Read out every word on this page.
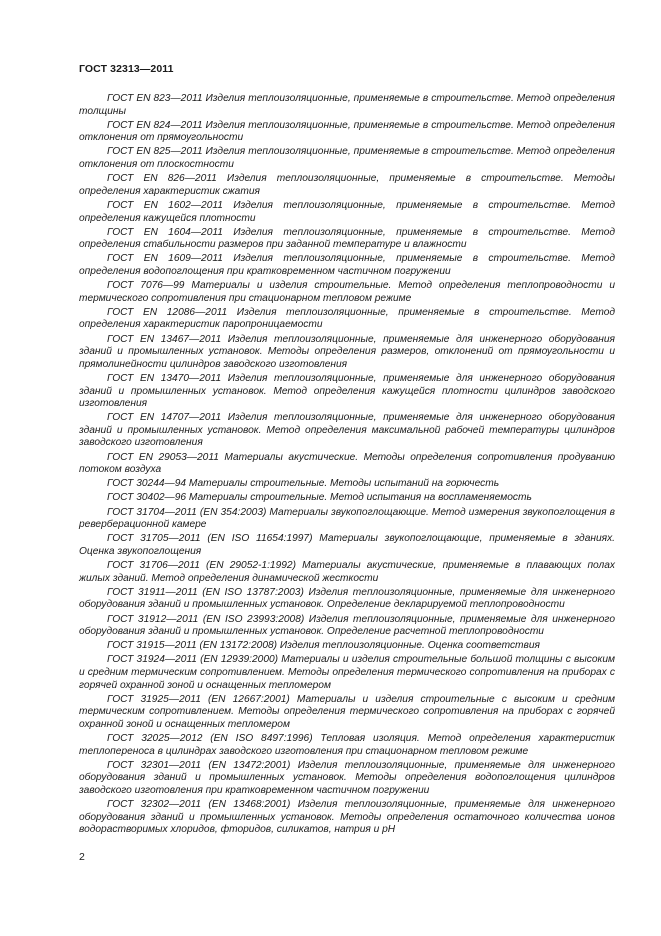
ГОСТ 32313—2011
ГОСТ EN 823—2011 Изделия теплоизоляционные, применяемые в строительстве. Метод определения толщины
ГОСТ EN 824—2011 Изделия теплоизоляционные, применяемые в строительстве. Метод определения отклонения от прямоугольности
ГОСТ EN 825—2011 Изделия теплоизоляционные, применяемые в строительстве. Метод определения отклонения от плоскостности
ГОСТ EN 826—2011 Изделия теплоизоляционные, применяемые в строительстве. Методы определения характеристик сжатия
ГОСТ EN 1602—2011 Изделия теплоизоляционные, применяемые в строительстве. Метод определения кажущейся плотности
ГОСТ EN 1604—2011 Изделия теплоизоляционные, применяемые в строительстве. Метод определения стабильности размеров при заданной температуре и влажности
ГОСТ EN 1609—2011 Изделия теплоизоляционные, применяемые в строительстве. Метод определения водопоглощения при кратковременном частичном погружении
ГОСТ 7076—99 Материалы и изделия строительные. Метод определения теплопроводности и термического сопротивления при стационарном тепловом режиме
ГОСТ EN 12086—2011 Изделия теплоизоляционные, применяемые в строительстве. Метод определения характеристик паропроницаемости
ГОСТ EN 13467—2011 Изделия теплоизоляционные, применяемые для инженерного оборудования зданий и промышленных установок. Методы определения размеров, отклонений от прямоугольности и прямолинейности цилиндров заводского изготовления
ГОСТ EN 13470—2011 Изделия теплоизоляционные, применяемые для инженерного оборудования зданий и промышленных установок. Метод определения кажущейся плотности цилиндров заводского изготовления
ГОСТ EN 14707—2011 Изделия теплоизоляционные, применяемые для инженерного оборудования зданий и промышленных установок. Метод определения максимальной рабочей температуры цилиндров заводского изготовления
ГОСТ EN 29053—2011 Материалы акустические. Методы определения сопротивления продуванию потоком воздуха
ГОСТ 30244—94 Материалы строительные. Методы испытаний на горючесть
ГОСТ 30402—96 Материалы строительные. Метод испытания на воспламеняемость
ГОСТ 31704—2011 (EN 354:2003) Материалы звукопоглощающие. Метод измерения звукопоглощения в реверберационной камере
ГОСТ 31705—2011 (EN ISO 11654:1997) Материалы звукопоглощающие, применяемые в зданиях. Оценка звукопоглощения
ГОСТ 31706—2011 (EN 29052-1:1992) Материалы акустические, применяемые в плавающих полах жилых зданий. Метод определения динамической жесткости
ГОСТ 31911—2011 (EN ISO 13787:2003) Изделия теплоизоляционные, применяемые для инженерного оборудования зданий и промышленных установок. Определение декларируемой теплопроводности
ГОСТ 31912—2011 (EN ISO 23993:2008) Изделия теплоизоляционные, применяемые для инженерного оборудования зданий и промышленных установок. Определение расчетной теплопроводности
ГОСТ 31915—2011 (EN 13172:2008) Изделия теплоизоляционные. Оценка соответствия
ГОСТ 31924—2011 (EN 12939:2000) Материалы и изделия строительные большой толщины с высоким и средним термическим сопротивлением. Методы определения термического сопротивления на приборах с горячей охранной зоной и оснащенных тепломером
ГОСТ 31925—2011 (EN 12667:2001) Материалы и изделия строительные с высоким и средним термическим сопротивлением. Методы определения термического сопротивления на приборах с горячей охранной зоной и оснащенных тепломером
ГОСТ 32025—2012 (EN ISO 8497:1996) Тепловая изоляция. Метод определения характеристик теплопереноса в цилиндрах заводского изготовления при стационарном тепловом режиме
ГОСТ 32301—2011 (EN 13472:2001) Изделия теплоизоляционные, применяемые для инженерного оборудования зданий и промышленных установок. Методы определения водопоглощения цилиндров заводского изготовления при кратковременном частичном погружении
ГОСТ 32302—2011 (EN 13468:2001) Изделия теплоизоляционные, применяемые для инженерного оборудования зданий и промышленных установок. Методы определения остаточного количества ионов водорастворимых хлоридов, фторидов, силикатов, натрия и pH
2
